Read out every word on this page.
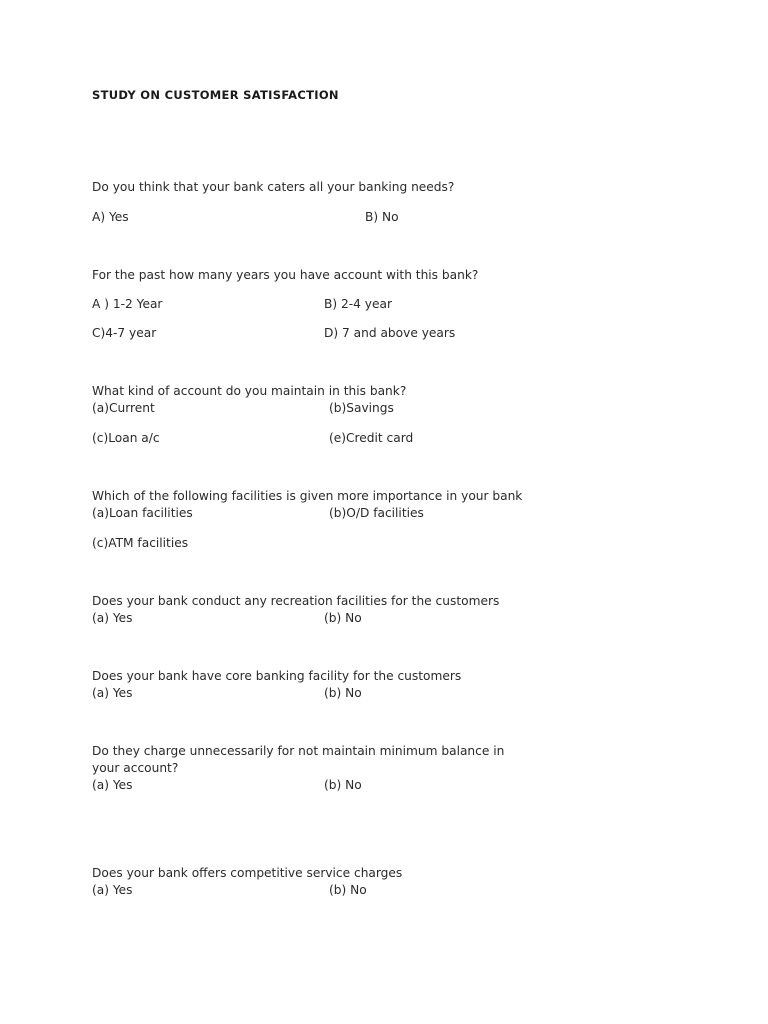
STUDY ON CUSTOMER SATISFACTION
Do you think that your bank caters all your banking needs?
A) Yes	B) No
For the past how many years you have account with this bank?
A ) 1-2 Year	B) 2-4 year
C)4-7 year	D) 7 and above years
What kind of account do you maintain in this bank?
(a)Current	(b)Savings
(c)Loan a/c	(e)Credit card
Which of the following facilities is given more importance in your bank
(a)Loan facilities	(b)O/D facilities
(c)ATM facilities
Does your bank conduct any recreation facilities for the customers
(a) Yes	(b) No
Does your bank have core banking facility for the customers
(a) Yes	(b) No
Do they charge unnecessarily for not maintain minimum balance in
your account?
(a) Yes	(b) No
Does your bank offers competitive service charges
(a) Yes	(b) No
